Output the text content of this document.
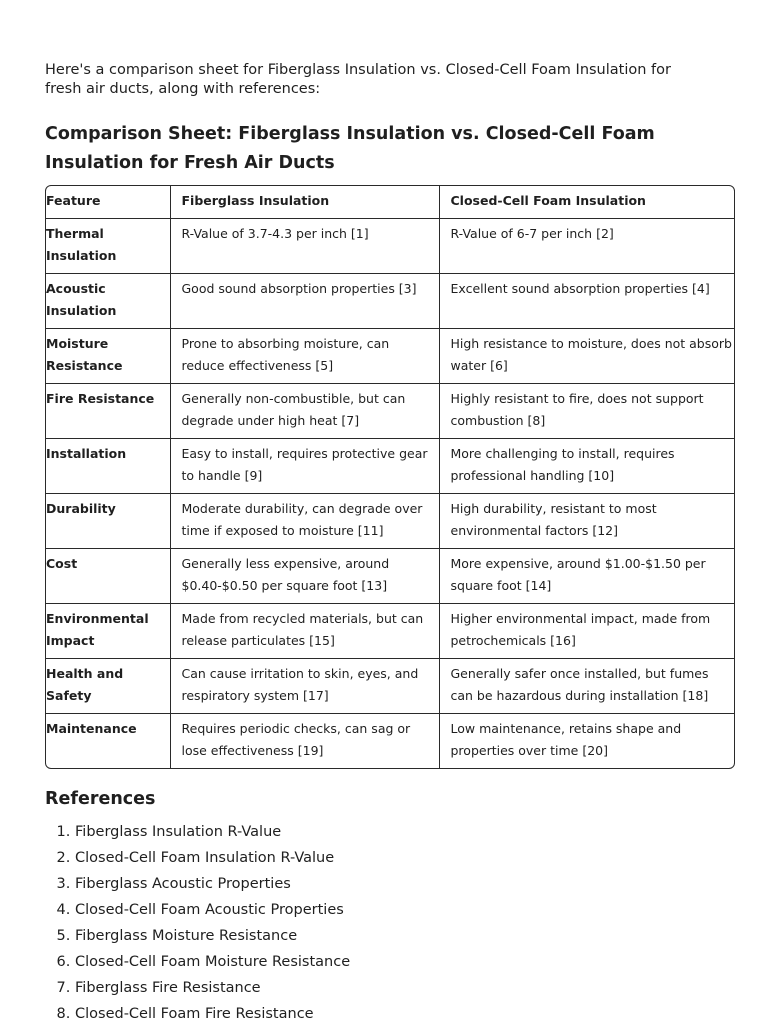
Here's a comparison sheet for Fiberglass Insulation vs. Closed-Cell Foam Insulation for fresh air ducts, along with references:

Comparison Sheet: Fiberglass Insulation vs. Closed-Cell Foam Insulation for Fresh Air Ducts
Feature	Fiberglass Insulation	Closed-Cell Foam Insulation
Thermal Insulation	R-Value of 3.7-4.3 per inch [1]	R-Value of 6-7 per inch [2]
Acoustic Insulation	Good sound absorption properties [3]	Excellent sound absorption properties [4]
Moisture Resistance	Prone to absorbing moisture, can reduce effectiveness [5]	High resistance to moisture, does not absorb water [6]
Fire Resistance	Generally non-combustible, but can degrade under high heat [7]	Highly resistant to fire, does not support combustion [8]
Installation	Easy to install, requires protective gear to handle [9]	More challenging to install, requires professional handling [10]
Durability	Moderate durability, can degrade over time if exposed to moisture [11]	High durability, resistant to most environmental factors [12]
Cost	Generally less expensive, around $0.40-$0.50 per square foot [13]	More expensive, around $1.00-$1.50 per square foot [14]
Environmental Impact	Made from recycled materials, but can release particulates [15]	Higher environmental impact, made from petrochemicals [16]
Health and Safety	Can cause irritation to skin, eyes, and respiratory system [17]	Generally safer once installed, but fumes can be hazardous during installation [18]
Maintenance	Requires periodic checks, can sag or lose effectiveness [19]	Low maintenance, retains shape and properties over time [20]
References
1. Fiberglass Insulation R-Value
2. Closed-Cell Foam Insulation R-Value
3. Fiberglass Acoustic Properties
4. Closed-Cell Foam Acoustic Properties
5. Fiberglass Moisture Resistance
6. Closed-Cell Foam Moisture Resistance
7. Fiberglass Fire Resistance
8. Closed-Cell Foam Fire Resistance
